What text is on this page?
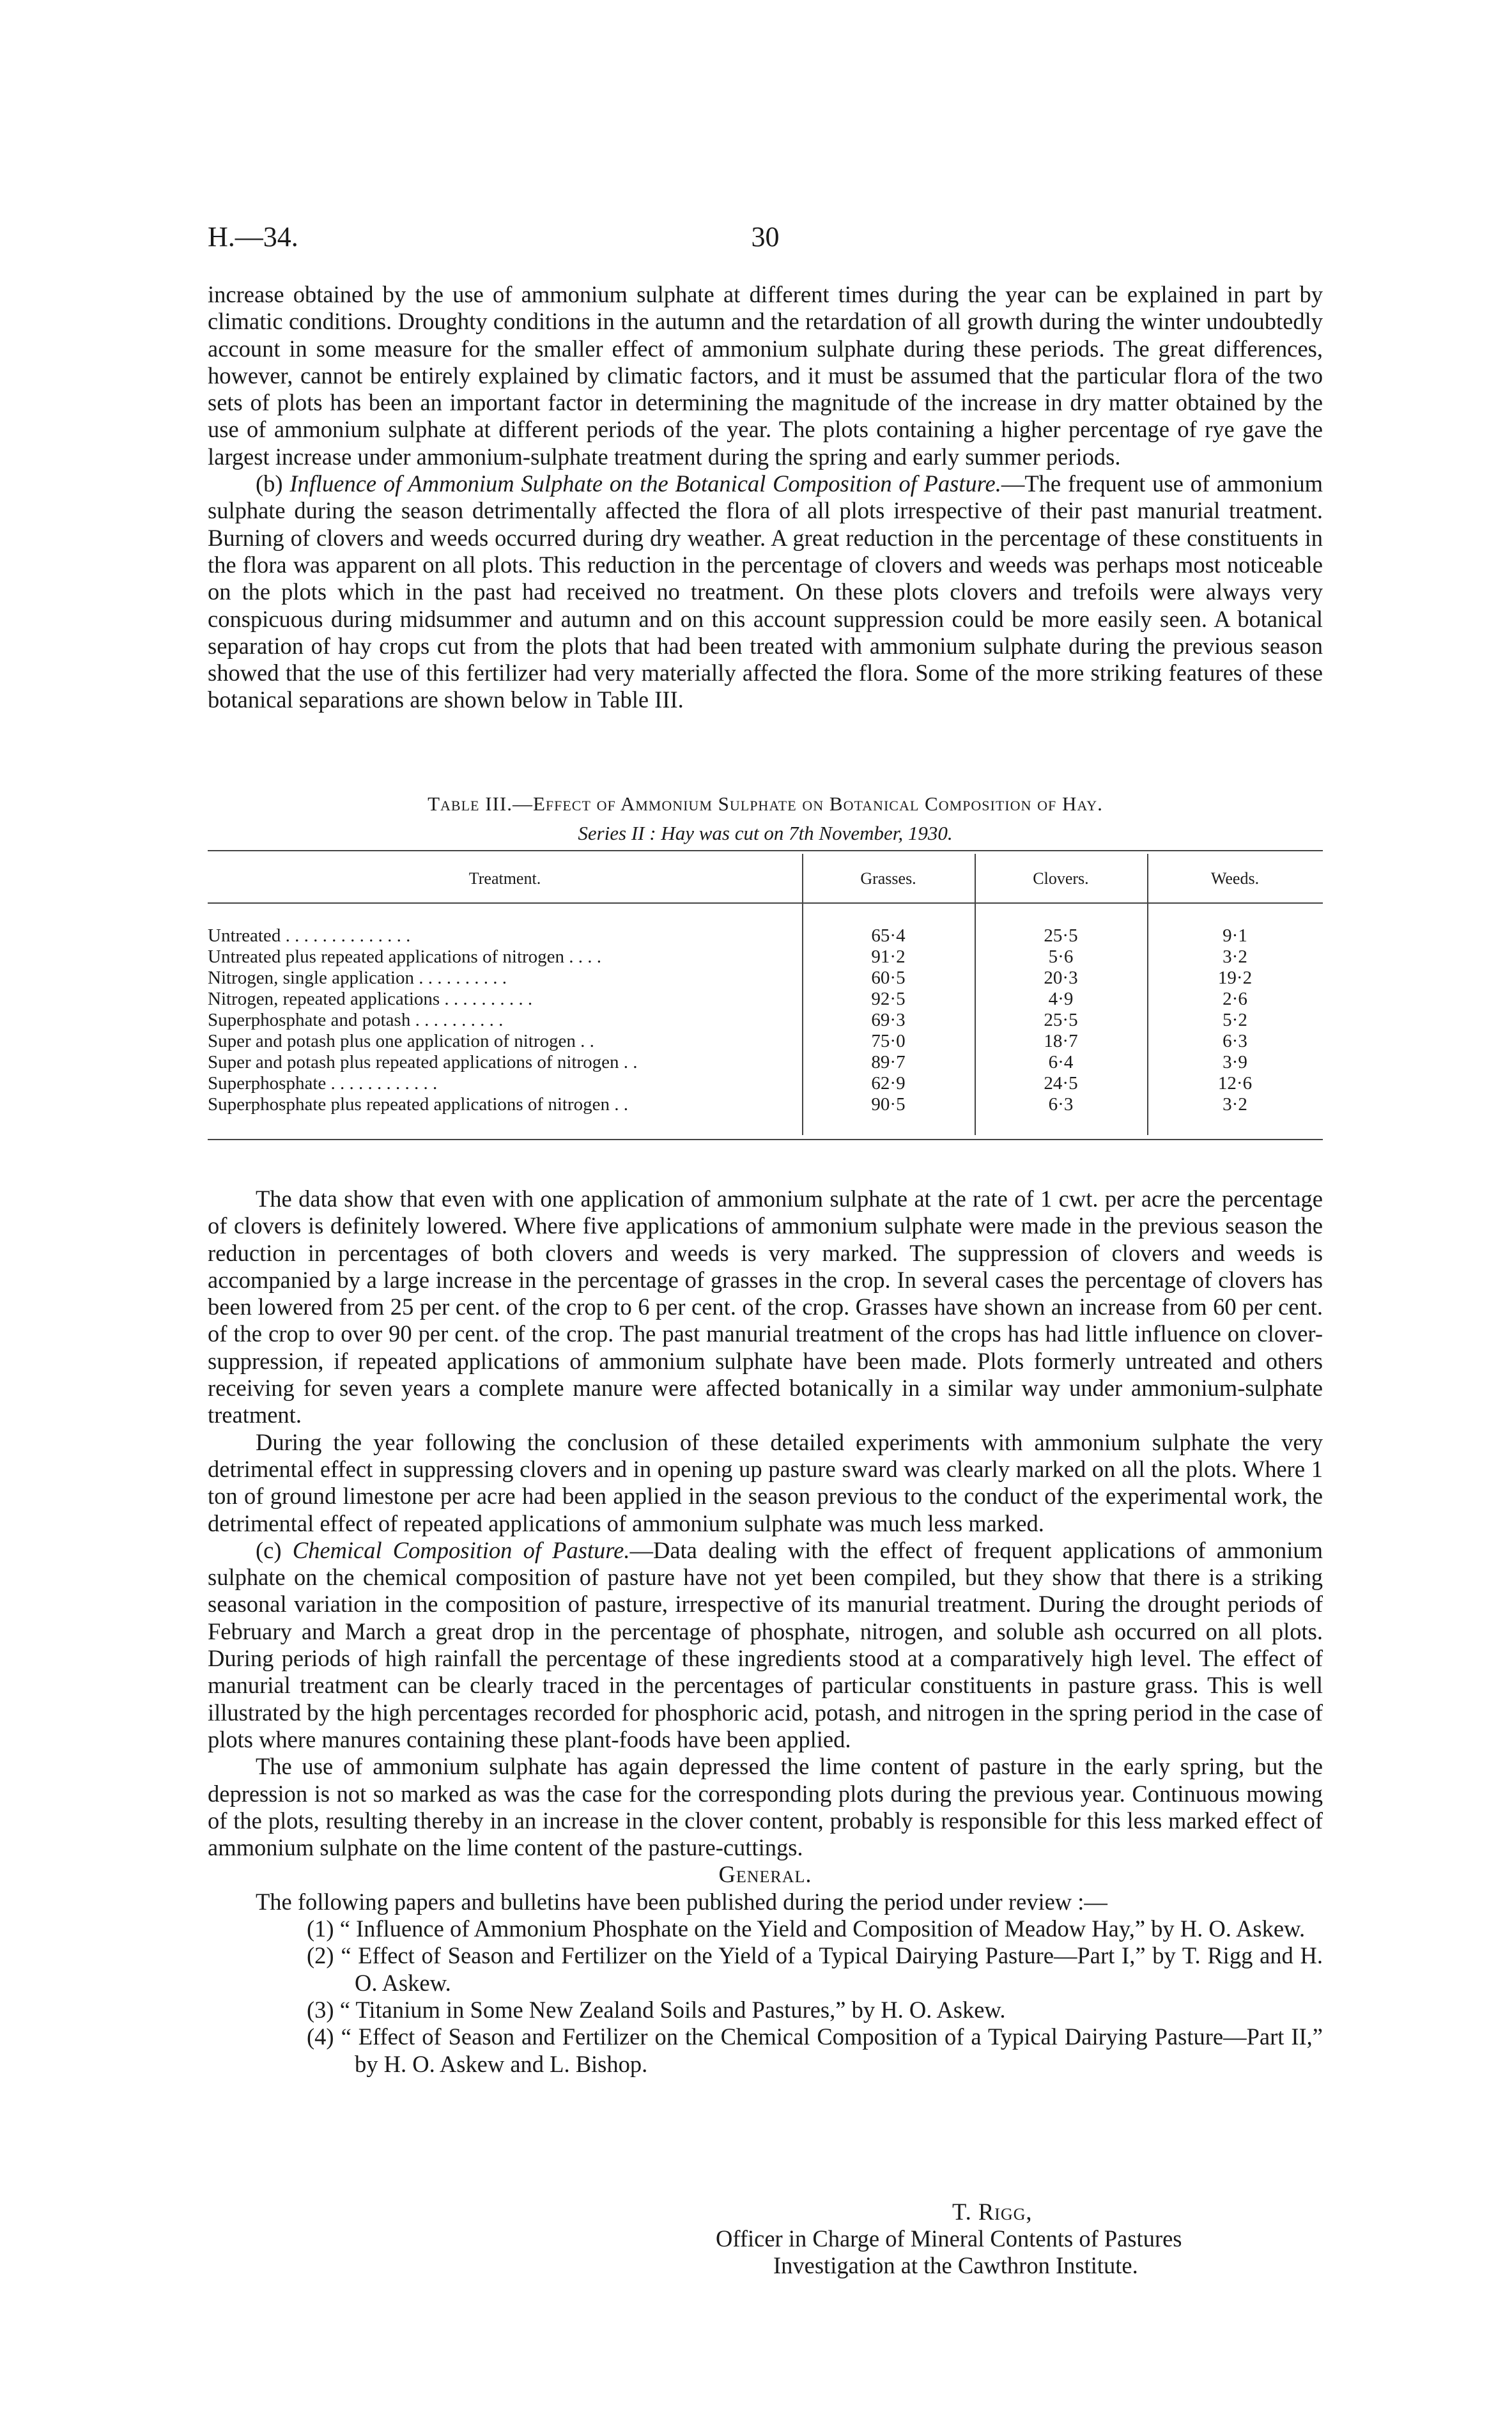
H.—34.	30

increase obtained by the use of ammonium sulphate at different times during the year can be explained in part by climatic conditions. Droughty conditions in the autumn and the retardation of all growth during the winter undoubtedly account in some measure for the smaller effect of ammonium sulphate during these periods. The great differences, however, cannot be entirely explained by climatic factors, and it must be assumed that the particular flora of the two sets of plots has been an important factor in determining the magnitude of the increase in dry matter obtained by the use of ammonium sulphate at different periods of the year. The plots containing a higher percentage of rye gave the largest increase under ammonium-sulphate treatment during the spring and early summer periods.

(b) Influence of Ammonium Sulphate on the Botanical Composition of Pasture.—The frequent use of ammonium sulphate during the season detrimentally affected the flora of all plots irrespective of their past manurial treatment. Burning of clovers and weeds occurred during dry weather. A great reduction in the percentage of these constituents in the flora was apparent on all plots. This reduction in the percentage of clovers and weeds was perhaps most noticeable on the plots which in the past had received no treatment. On these plots clovers and trefoils were always very conspicuous during midsummer and autumn and on this account suppression could be more easily seen. A botanical separation of hay crops cut from the plots that had been treated with ammonium sulphate during the previous season showed that the use of this fertilizer had very materially affected the flora. Some of the more striking features of these botanical separations are shown below in Table III.

Table III.—Effect of Ammonium Sulphate on Botanical Composition of Hay.
Series II : Hay was cut on 7th November, 1930.
Treatment.	Grasses.	Clovers.	Weeds.
Untreated . . . . . . . . . . . . . .	65·4	25·5	9·1
Untreated plus repeated applications of nitrogen . . . .	91·2	5·6	3·2
Nitrogen, single application . . . . . . . . . .	60·5	20·3	19·2
Nitrogen, repeated applications . . . . . . . . . .	92·5	4·9	2·6
Superphosphate and potash . . . . . . . . . .	69·3	25·5	5·2
Super and potash plus one application of nitrogen . .	75·0	18·7	6·3
Super and potash plus repeated applications of nitrogen . .	89·7	6·4	3·9
Superphosphate . . . . . . . . . . . .	62·9	24·5	12·6
Superphosphate plus repeated applications of nitrogen . .	90·5	6·3	3·2

The data show that even with one application of ammonium sulphate at the rate of 1 cwt. per acre the percentage of clovers is definitely lowered. Where five applications of ammonium sulphate were made in the previous season the reduction in percentages of both clovers and weeds is very marked. The suppression of clovers and weeds is accompanied by a large increase in the percentage of grasses in the crop. In several cases the percentage of clovers has been lowered from 25 per cent. of the crop to 6 per cent. of the crop. Grasses have shown an increase from 60 per cent. of the crop to over 90 per cent. of the crop. The past manurial treatment of the crops has had little influence on clover-suppression, if repeated applications of ammonium sulphate have been made. Plots formerly untreated and others receiving for seven years a complete manure were affected botanically in a similar way under ammonium-sulphate treatment.

During the year following the conclusion of these detailed experiments with ammonium sulphate the very detrimental effect in suppressing clovers and in opening up pasture sward was clearly marked on all the plots. Where 1 ton of ground limestone per acre had been applied in the season previous to the conduct of the experimental work, the detrimental effect of repeated applications of ammonium sulphate was much less marked.

(c) Chemical Composition of Pasture.—Data dealing with the effect of frequent applications of ammonium sulphate on the chemical composition of pasture have not yet been compiled, but they show that there is a striking seasonal variation in the composition of pasture, irrespective of its manurial treatment. During the drought periods of February and March a great drop in the percentage of phosphate, nitrogen, and soluble ash occurred on all plots. During periods of high rainfall the percentage of these ingredients stood at a comparatively high level. The effect of manurial treatment can be clearly traced in the percentages of particular constituents in pasture grass. This is well illustrated by the high percentages recorded for phosphoric acid, potash, and nitrogen in the spring period in the case of plots where manures containing these plant-foods have been applied.

The use of ammonium sulphate has again depressed the lime content of pasture in the early spring, but the depression is not so marked as was the case for the corresponding plots during the previous year. Continuous mowing of the plots, resulting thereby in an increase in the clover content, probably is responsible for this less marked effect of ammonium sulphate on the lime content of the pasture-cuttings.

General.

The following papers and bulletins have been published during the period under review :—

(1) “ Influence of Ammonium Phosphate on the Yield and Composition of Meadow Hay,” by H. O. Askew.

(2) “ Effect of Season and Fertilizer on the Yield of a Typical Dairying Pasture—Part I,” by T. Rigg and H. O. Askew.

(3) “ Titanium in Some New Zealand Soils and Pastures,” by H. O. Askew.

(4) “ Effect of Season and Fertilizer on the Chemical Composition of a Typical Dairying Pasture—Part II,” by H. O. Askew and L. Bishop.

T. Rigg,
Officer in Charge of Mineral Contents of Pastures
Investigation at the Cawthron Institute.
